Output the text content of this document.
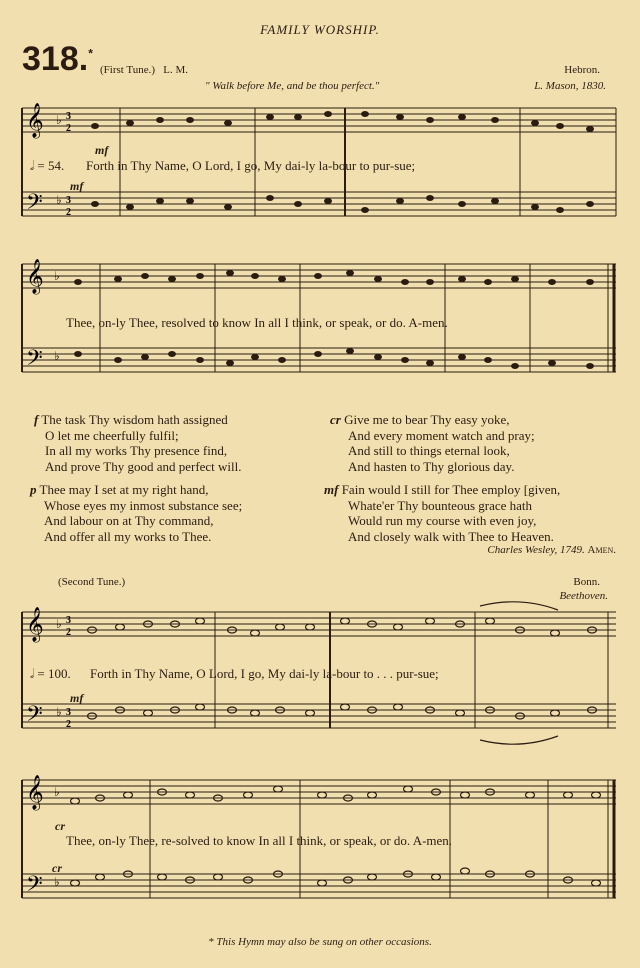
FAMILY WORSHIP.
318.*
(First Tune.) L. M.
" Walk before Me, and be thou perfect."
Hebron.
L. Mason, 1830.
𝄞
𝄢
♭
♭
3
2
3
2
mf
mf
𝅗𝅥 = 54. Forth in Thy Name, O Lord, I go, My dai-ly la-bour to pur-sue;
𝄞
𝄢
♭
♭
Thee, on-ly Thee, resolved to know In all I think, or speak, or do. A-men.
f The task Thy wisdom hath assigned
O let me cheerfully fulfil;
In all my works Thy presence find,
And prove Thy good and perfect will.
cr Give me to bear Thy easy yoke,
And every moment watch and pray;
And still to things eternal look,
And hasten to Thy glorious day.
p Thee may I set at my right hand,
Whose eyes my inmost substance see;
And labour on at Thy command,
And offer all my works to Thee.
mf Fain would I still for Thee employ [given,
Whate'er Thy bounteous grace hath
Would run my course with even joy,
And closely walk with Thee to Heaven.
Charles Wesley, 1749. Amen.
(Second Tune.)	Bonn.
Beethoven.
𝄞
𝄢
♭
♭
3
2
3
2
mf
𝅗𝅥 = 100. Forth in Thy Name, O Lord, I go, My dai-ly la-bour to . . . pur-sue;
𝄞
𝄢
♭
♭
cr
cr
Thee, on-ly Thee, re-solved to know In all I think, or speak, or do. A-men.
* This Hymn may also be sung on other occasions.
